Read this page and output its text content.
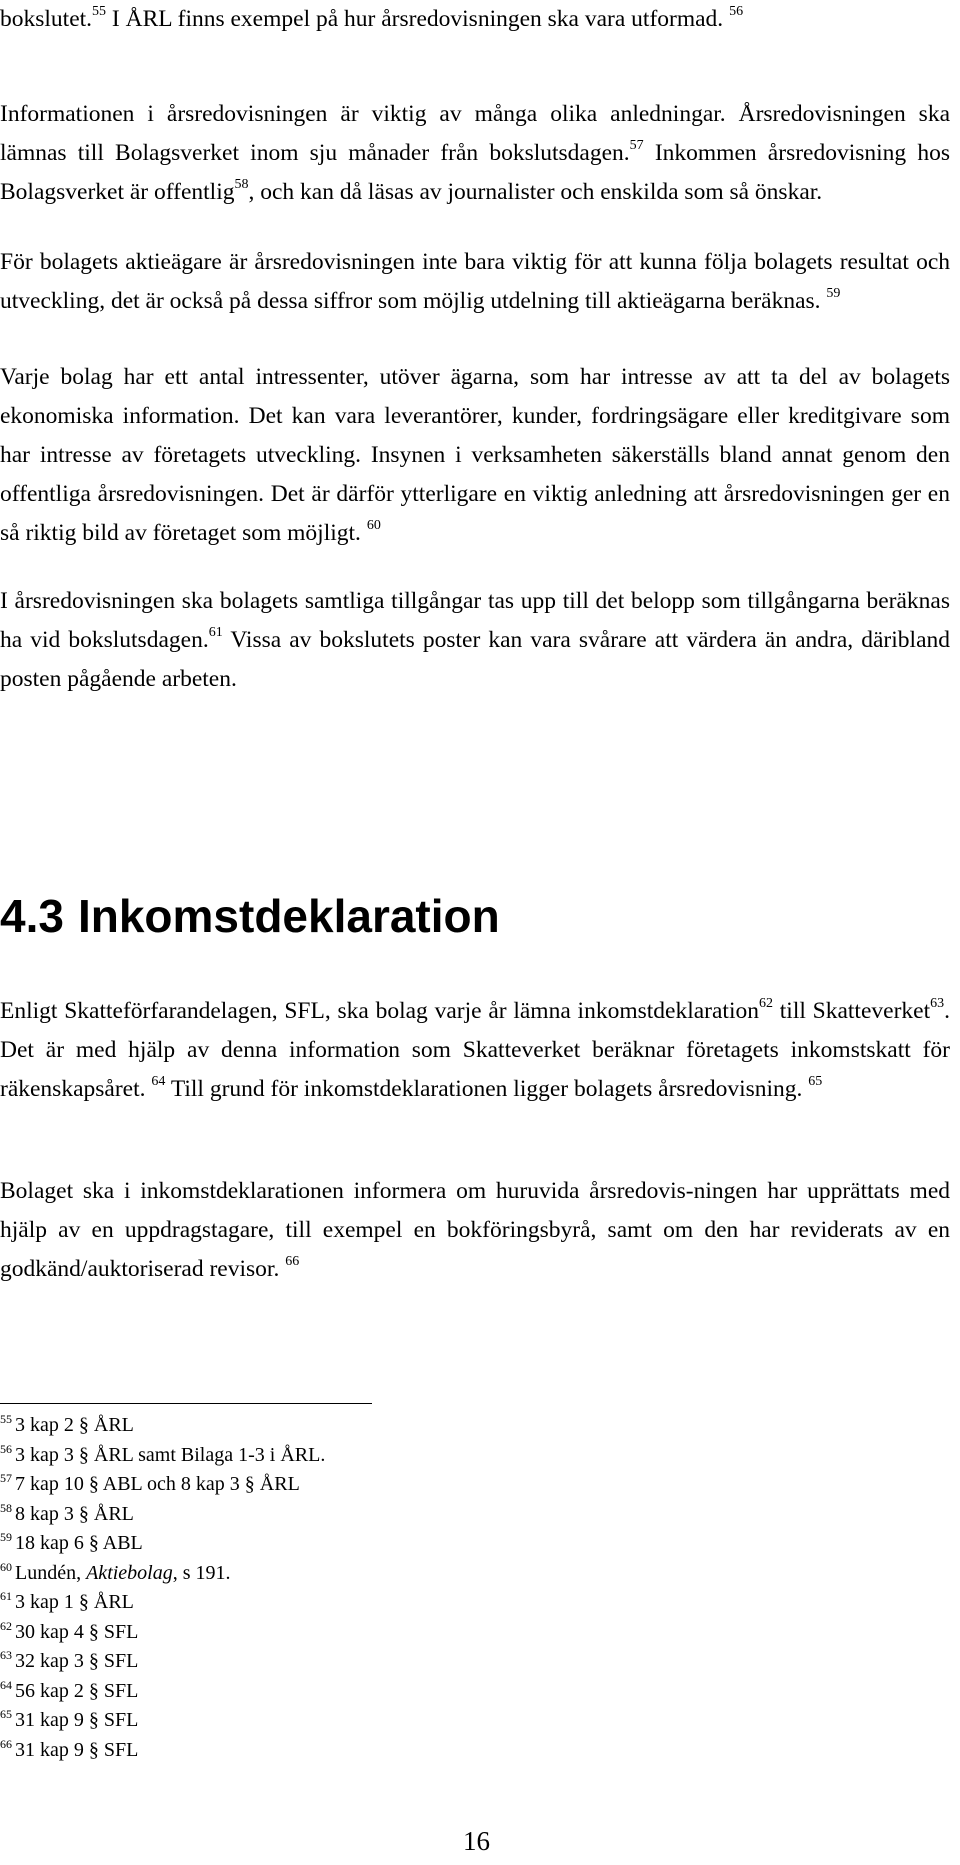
bokslutet.$^{55}$ I ÅRL finns exempel på hur årsredovisningen ska vara utformad. $^{56}$

Informationen i årsredovisningen är viktig av många olika anledningar. Årsredovisningen ska lämnas till Bolagsverket inom sju månader från bokslutsdagen.$^{57}$ Inkommen årsredovisning hos Bolagsverket är offentlig$^{58}$, och kan då läsas av journalister och enskilda som så önskar.

För bolagets aktieägare är årsredovisningen inte bara viktig för att kunna följa bolagets resultat och utveckling, det är också på dessa siffror som möjlig utdelning till aktieägarna beräknas. $^{59}$

Varje bolag har ett antal intressenter, utöver ägarna, som har intresse av att ta del av bolagets ekonomiska information. Det kan vara leverantörer, kunder, fordringsägare eller kreditgivare som har intresse av företagets utveckling. Insynen i verksamheten säkerställs bland annat genom den offentliga årsredovisningen. Det är därför ytterligare en viktig anledning att årsredovisningen ger en så riktig bild av företaget som möjligt. $^{60}$

I årsredovisningen ska bolagets samtliga tillgångar tas upp till det belopp som tillgångarna beräknas ha vid bokslutsdagen.$^{61}$ Vissa av bokslutets poster kan vara svårare att värdera än andra, däribland posten pågående arbeten.

4.3 Inkomstdeklaration

Enligt Skatteförfarandelagen, SFL, ska bolag varje år lämna inkomstdeklaration$^{62}$ till Skatteverket$^{63}$. Det är med hjälp av denna information som Skatteverket beräknar företagets inkomstskatt för räkenskapsåret. $^{64}$ Till grund för inkomstdeklarationen ligger bolagets årsredovisning. $^{65}$

Bolaget ska i inkomstdeklarationen informera om huruvida årsredovis-ningen har upprättats med hjälp av en uppdragstagare, till exempel en bokföringsbyrå, samt om den har reviderats av en godkänd/auktoriserad revisor. $^{66}$

$^{55}$ 3 kap 2 § ÅRL
$^{56}$ 3 kap 3 § ÅRL samt Bilaga 1-3 i ÅRL.
$^{57}$ 7 kap 10 § ABL och 8 kap 3 § ÅRL
$^{58}$ 8 kap 3 § ÅRL
$^{59}$ 18 kap 6 § ABL
$^{60}$ Lundén, Aktiebolag, s 191.
$^{61}$ 3 kap 1 § ÅRL
$^{62}$ 30 kap 4 § SFL
$^{63}$ 32 kap 3 § SFL
$^{64}$ 56 kap 2 § SFL
$^{65}$ 31 kap 9 § SFL
$^{66}$ 31 kap 9 § SFL
16
